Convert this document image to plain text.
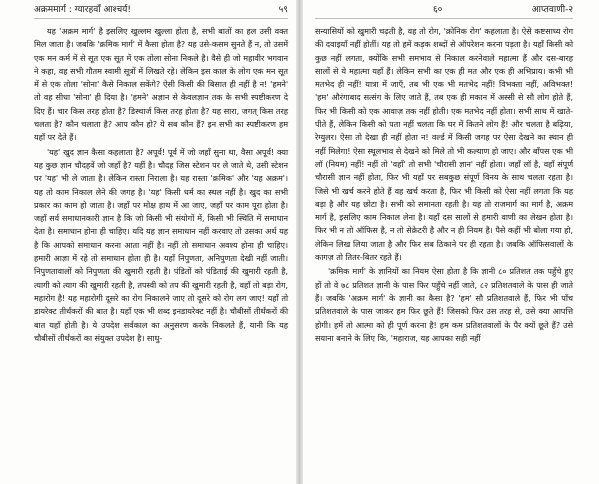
अक्रममार्ग : ग्यारहवाँ आश्चर्य!	५९

यह 'अक्रम मार्ग' है इसलिए खुल्लम खुल्ला होता है, सभी बातों का हल उसी वक्त मिल जाता है। जबकि 'क्रमिक मार्ग' में कैसा होता है? यह उसे-कसम सुनते हैं न, तो उसमें एक मन कर्म में से सूत एक सूत में एक तोला सोना निकले है। वैसे ही जो महावीर भगवान ने कहा, वह सभी गौतम स्वामी सूत्रों में लिखते रहे। लेकिन इस काल के लोग एक मन सूत में से एक तोला 'सोना' कैसे निकाल सकेंगे? ऐसी किसी की बिसात ही नहीं है न! 'हमने' तो वह सीधा 'सोना' ही दिया है। 'हमने' अज्ञान से केवलज्ञान तक के सभी स्पष्टीकरण दे दिए हैं। चार किस तरह होता है? डिस्चार्ज किस तरह होता है? यह सारा, जगत् किस तरह चलता है? कौन चलाता है? आप कौन हो? ये सब कौन हैं? इन सभी का स्पष्टीकरण हम यहाँ पर देते हैं।

'यह' खुद ज्ञान कैसा कहलाता है? अपूर्व! पूर्व में जो जहाँ सुना था, वैसा अपूर्व! क्या यह कुछ ज्ञान चौदहवें जो जहाँ है? यहीं है। चौदह जिस स्टेशन पर ले जाते थे, उसी स्टेशन पर 'यह' भी ले जाता है। लेकिन रास्ता निराला है। यह रास्ता 'क्रमिक' और 'यह अक्रम'। यह तो काम निकाल लेने की जगह है। 'यह' किसी धर्म का स्थल नहीं है। खुद का सभी प्रकार का काम हो जाता है। जहाँ पर मोक्ष हाथ में आ जाए, जहाँ पर काम पूरा होता है। जहाँ सर्व समाधानकारी ज्ञान है कि जो किसी भी संयोगों में, किसी भी स्थिति में समाधान देता है। समाधान होना ही चाहिए। यदि यह ज्ञान समाधान नहीं करवाए तो उसका अर्थ यह है कि आपको समाधान करना आता नहीं है। नहीं तो समाधान अवश्य होना ही चाहिए। हमारी आज्ञा में रहे तो समाधान होता ही है। यहाँ निपुणता, अनिपुणता देखी नहीं जाती। निपुणतावालों को निपुणता की खुमारी रहती है। पंडितों को पंडिताई की खुमारी रहती है, त्यागी को त्याग की खुमारी रहती है, तपस्वी को तप की खुमारी रहती है, वहाँ तो बड़ा रोग, महारोग है! यह महारोगी दूसरे का रोग निकालने जाए तो दूसरे को रोग लग जाए! यहाँ तो डायरेक्ट तीर्थंकरों की बात है। यहाँ एक भी शब्द इनडायरेक्ट नहीं है। चौबीसों तीर्थंकरों की बात यहाँ होती है। ये उपदेश सर्वकाल का अनुसरण करके निकलते हैं, यानी कि यह चौबीसों तीर्थंकरों का संयुक्त उपदेश है। साधु-

६०	आप्तवाणी-२

सन्यासियों को खुमारी चढ़ती है, वह तो रोग, 'क्रोनिक रोग' कहलाता है। ऐसे कष्टसाध्य रोग की दवाइयाँ नहीं होतीं। यह तो हमें कड़क शब्दों से ऑपरेशन करना पड़ता है। यहाँ किसी को कुछ नहीं लगता, क्योंकि सभी समभाव से निकाल करनेवाले महात्मा हैं और दस-बारह सालों से ये महात्मा यहाँ हैं। लेकिन सभी का एक ही मत और एक ही अभिप्राय। कभी भी मतभेद ही नहीं! यात्रा में जाएँ, तब भी एक भी मतभेद नहीं! विभक्ता नहीं, अविभक्त! 'हम' औरंगाबाद सत्संग के लिए जाते हैं, तब एक ही मकान में अस्सी से सौ लोग होते हैं, फिर भी किसी को एक आवाज़ तक नहीं होती। एक मतभेद नहीं होता। सभी साथ में खाते-पीते हैं, लेकिन किसी को पता नहीं चलता कि घर में कितने लोग हैं! और चलता है बढ़िया, रेग्युलर। ऐसा तो देखा ही नहीं होता न! वर्ल्ड में किसी जगह पर ऐसा देखने का स्थान ही नहीं मिलेगा! ऐसा स्थूलभाव से देखने को मिले तो भी कल्याण हो जाए। और बाँपस एक भी लॉ (नियम) नहीं! नहीं तो 'वहाँ' तो सभी 'चौरासी ज्ञान' नहीं होता। जहाँ लॉ है, वहाँ संपूर्ण चौरासी ज्ञान नहीं होता, फिर भी यहाँ पर सबकुछ संपूर्ण विनय के साथ चलता रहता है। जिसे भी खर्च करने होते हैं वह खर्च करता है, फिर भी किसी को ऐसा नहीं लगता कि यह बड़ा है और यह छोटा है। सभी को समानता रहती है। यह तो राजमार्ग का मार्ग है, अक्रम मार्ग है, इसलिए काम निकाल लेना है। यहाँ दस सालों से हमारी वाणी का लेखन होता है। फिर भी न तो ऑफिस है, न तो सेक्रेटरी है और न ही नियम है। पैसे कहीं भी बोला गया हो, लेकिन लिख लिया जाता है और फिर सब ठिकाने पर ही रहता है। जबकि ऑफिसवालों के कागज़ तो तितर-बितर रहते हैं।

'क्रमिक मार्ग' के ज्ञानियों का नियम ऐसा होता है कि ज्ञानी ८० प्रतिशत तक पहुँचे हुए हों तो वे ७८ प्रतिशत ज्ञानी के पास फिर पहुँचे नहीं जाते, ८२ प्रतिशतवाले के पास ही जाते हैं। जबकि 'अक्रम मार्ग' के ज्ञानी का कैसा है? 'हम' सौ प्रतिशतवाले हैं, फिर भी पाँच प्रतिशतवाले के पास जाकर हम फिर छूते हैं! जिसको फिर उस तरह से, उसे क्या आपत्ति होगी। हमें तो आत्मा को ही पूर्ण करना है! हम कम प्रतिशतवालों के पैर क्यों छूते हैं? उसे सयाना बनाने के लिए कि, 'महाराज, यह आपका सही नहीं
